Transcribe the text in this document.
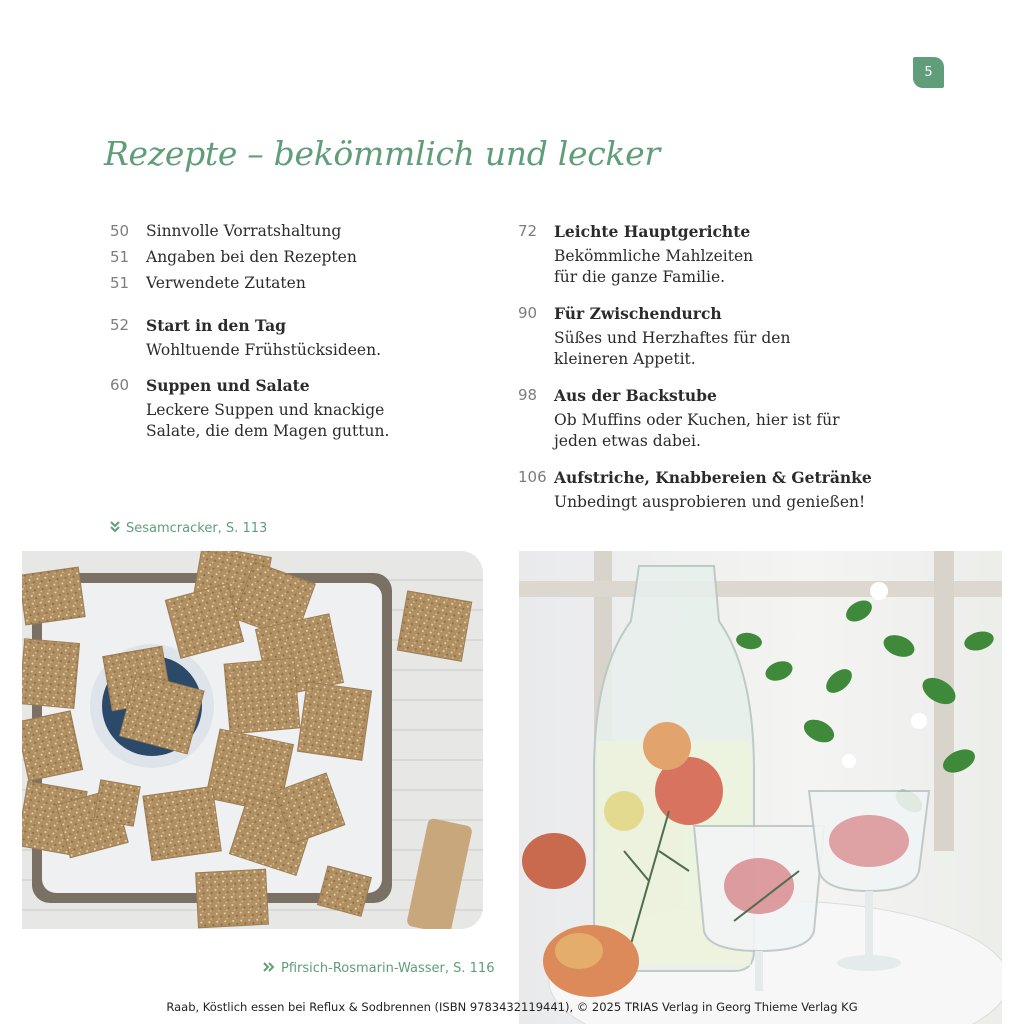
5
Rezepte – bekömmlich und lecker
50	Sinnvolle Vorratshaltung
51	Angaben bei den Rezepten
51	Verwendete Zutaten
52	Start in den Tag
Wohltuende Frühstücksideen.
60	Suppen und Salate
Leckere Suppen und knackige Salate, die dem Magen guttun.
72	Leichte Hauptgerichte
Bekömmliche Mahlzeiten für die ganze Familie.
90	Für Zwischendurch
Süßes und Herzhaftes für den kleineren Appetit.
98	Aus der Backstube
Ob Muffins oder Kuchen, hier ist für jeden etwas dabei.
106 Aufstriche, Knabbereien & Getränke
Unbedingt ausprobieren und genießen!
Sesamcracker, S. 113
Pfirsich-Rosmarin-Wasser, S. 116
Raab, Köstlich essen bei Reflux & Sodbrennen (ISBN 9783432119441), © 2025 TRIAS Verlag in Georg Thieme Verlag KG
